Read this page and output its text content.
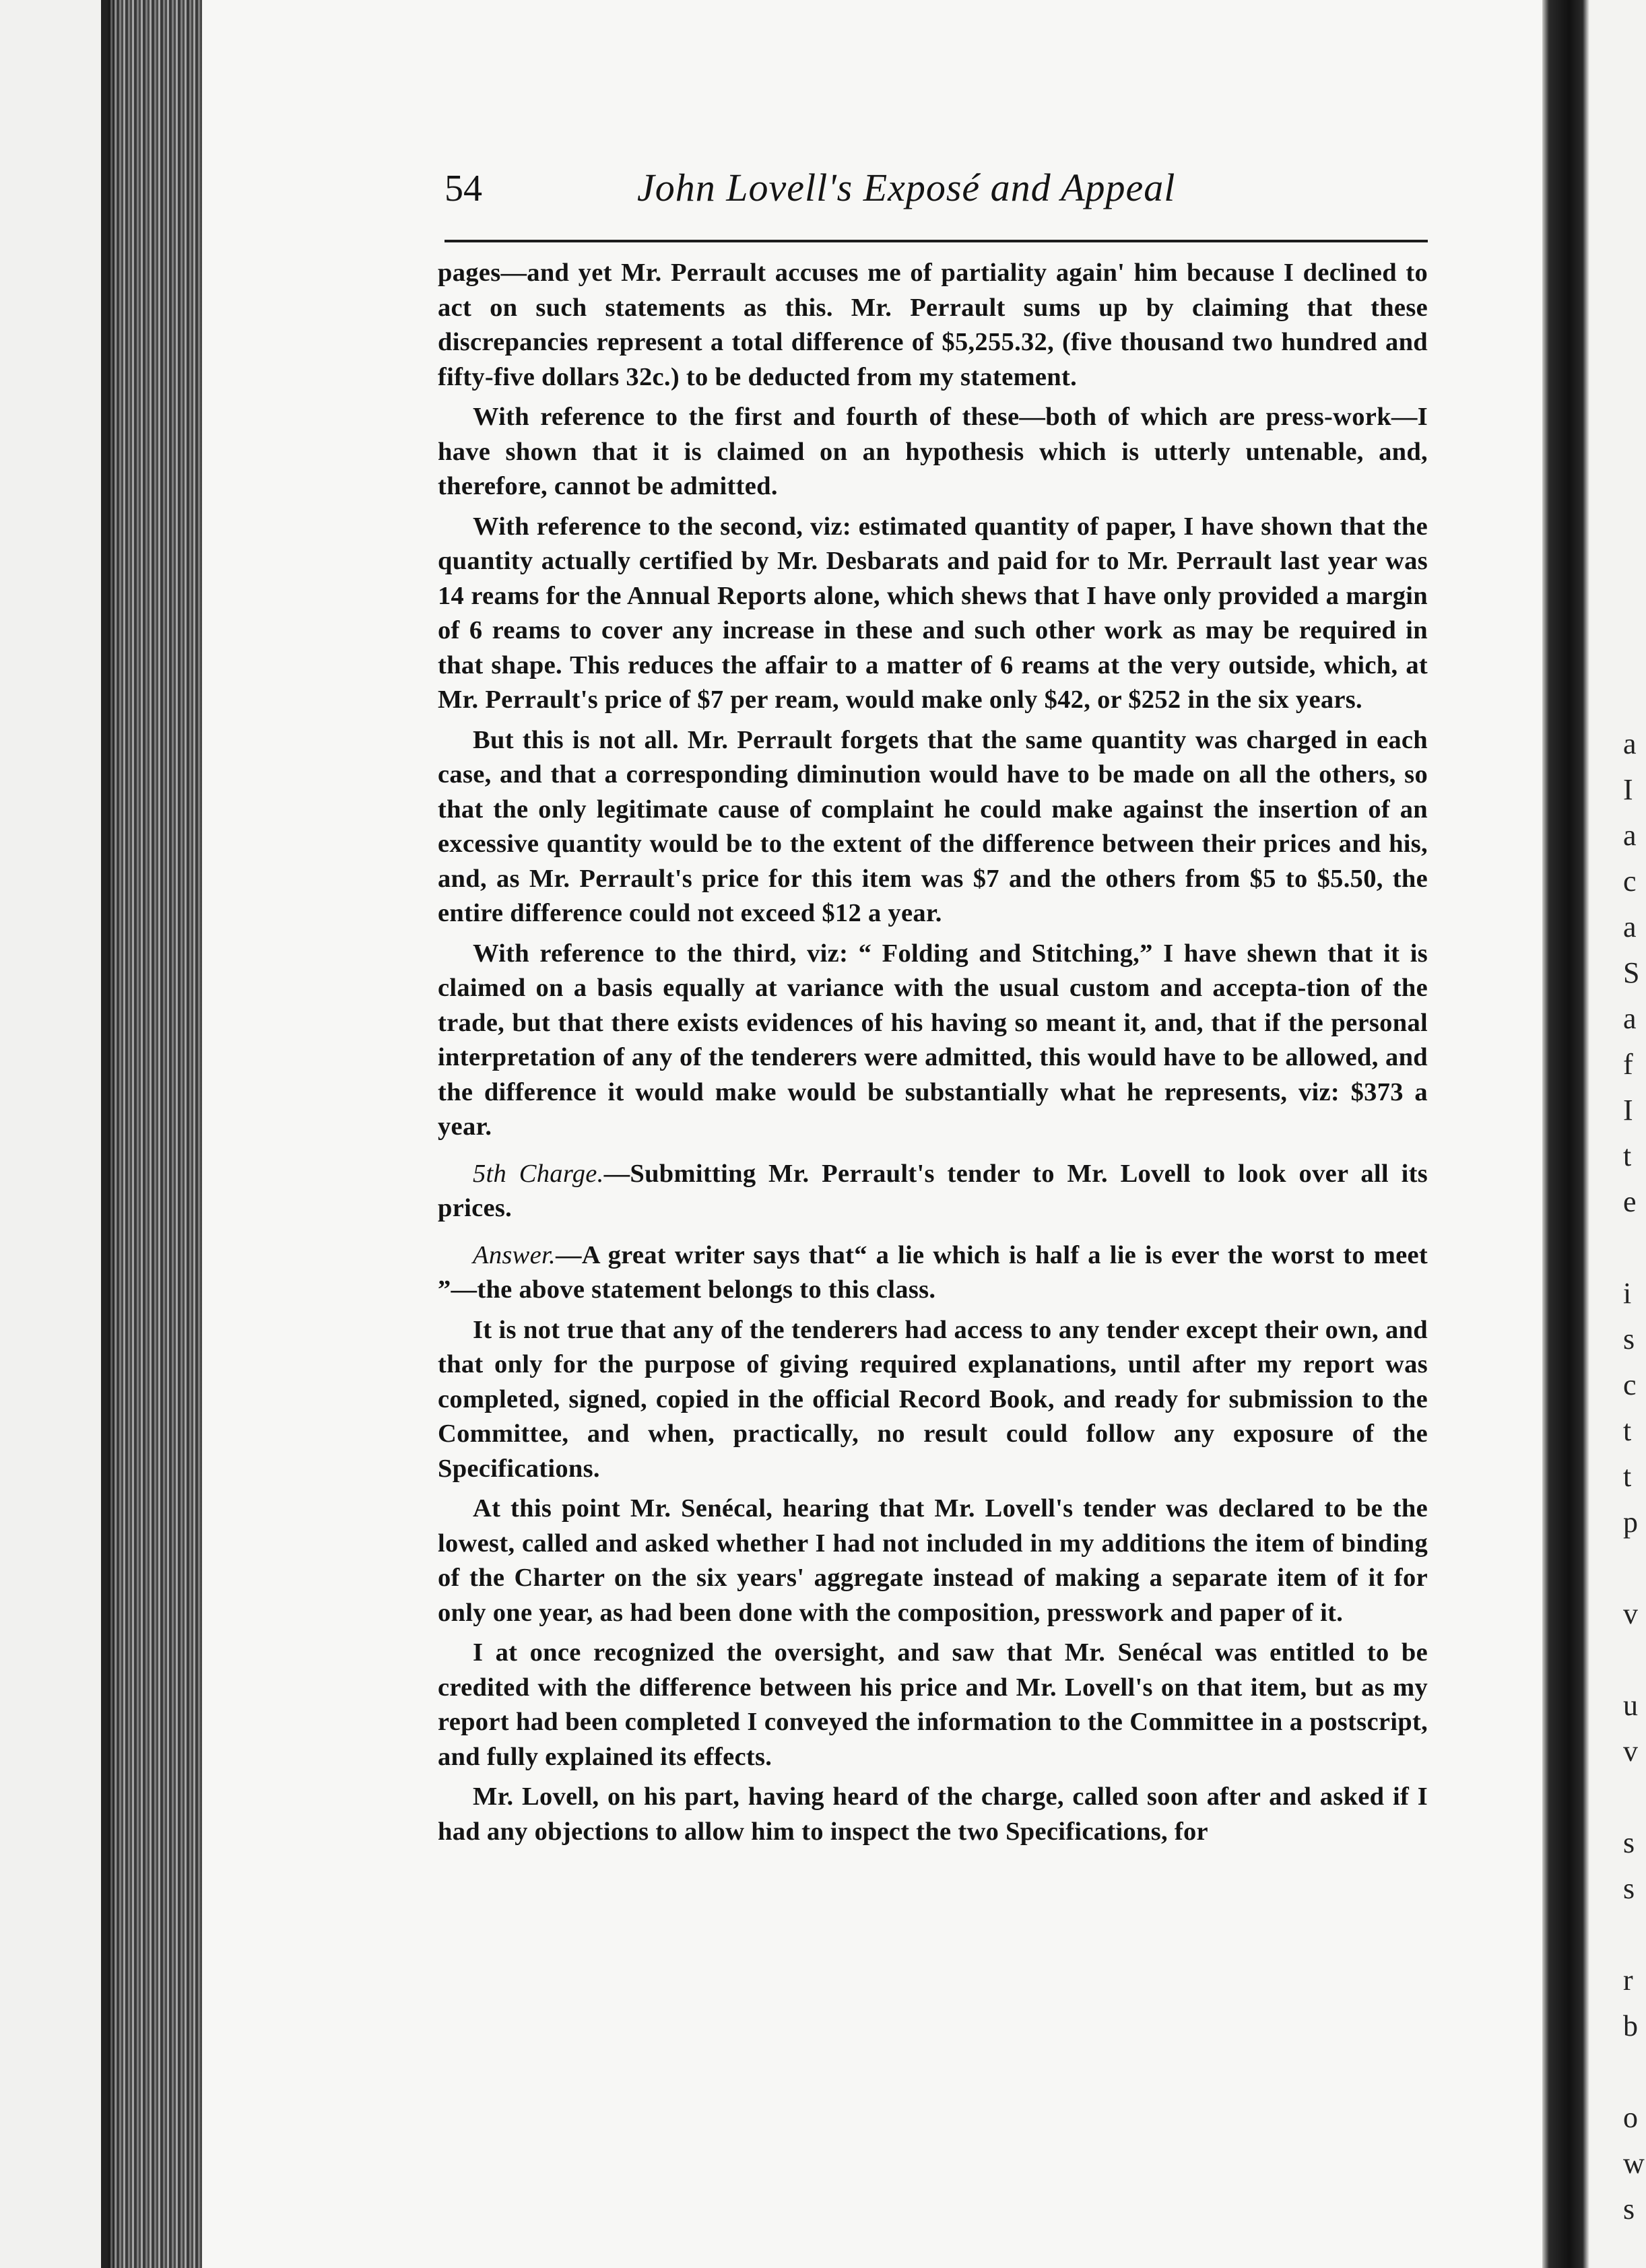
a
I
a
c
a
S
a
f
I
t
e
i
s
c
t
t
p
v
u
v
s
s
r
b
o
w
s
54	John Lovell's Exposé and Appeal

pages—and yet Mr. Perrault accuses me of partiality again' him because I declined to act on such statements as this. Mr. Perrault sums up by claiming that these discrepancies represent a total difference of $5,255.32, (five thousand two hundred and fifty-five dollars 32c.) to be deducted from my statement.

With reference to the first and fourth of these—both of which are press-work—I have shown that it is claimed on an hypothesis which is utterly untenable, and, therefore, cannot be admitted.

With reference to the second, viz: estimated quantity of paper, I have shown that the quantity actually certified by Mr. Desbarats and paid for to Mr. Perrault last year was 14 reams for the Annual Reports alone, which shews that I have only provided a margin of 6 reams to cover any increase in these and such other work as may be required in that shape. This reduces the affair to a matter of 6 reams at the very outside, which, at Mr. Perrault's price of $7 per ream, would make only $42, or $252 in the six years.

But this is not all. Mr. Perrault forgets that the same quantity was charged in each case, and that a corresponding diminution would have to be made on all the others, so that the only legitimate cause of complaint he could make against the insertion of an excessive quantity would be to the extent of the difference between their prices and his, and, as Mr. Perrault's price for this item was $7 and the others from $5 to $5.50, the entire difference could not exceed $12 a year.

With reference to the third, viz: “ Folding and Stitching,” I have shewn that it is claimed on a basis equally at variance with the usual custom and accepta-tion of the trade, but that there exists evidences of his having so meant it, and, that if the personal interpretation of any of the tenderers were admitted, this would have to be allowed, and the difference it would make would be substantially what he represents, viz: $373 a year.

5th Charge.—Submitting Mr. Perrault's tender to Mr. Lovell to look over all its prices.

Answer.—A great writer says that“ a lie which is half a lie is ever the worst to meet ”—the above statement belongs to this class.

It is not true that any of the tenderers had access to any tender except their own, and that only for the purpose of giving required explanations, until after my report was completed, signed, copied in the official Record Book, and ready for submission to the Committee, and when, practically, no result could follow any exposure of the Specifications.

At this point Mr. Senécal, hearing that Mr. Lovell's tender was declared to be the lowest, called and asked whether I had not included in my additions the item of binding of the Charter on the six years' aggregate instead of making a separate item of it for only one year, as had been done with the composition, presswork and paper of it.

I at once recognized the oversight, and saw that Mr. Senécal was entitled to be credited with the difference between his price and Mr. Lovell's on that item, but as my report had been completed I conveyed the information to the Committee in a postscript, and fully explained its effects.

Mr. Lovell, on his part, having heard of the charge, called soon after and asked if I had any objections to allow him to inspect the two Specifications, for
